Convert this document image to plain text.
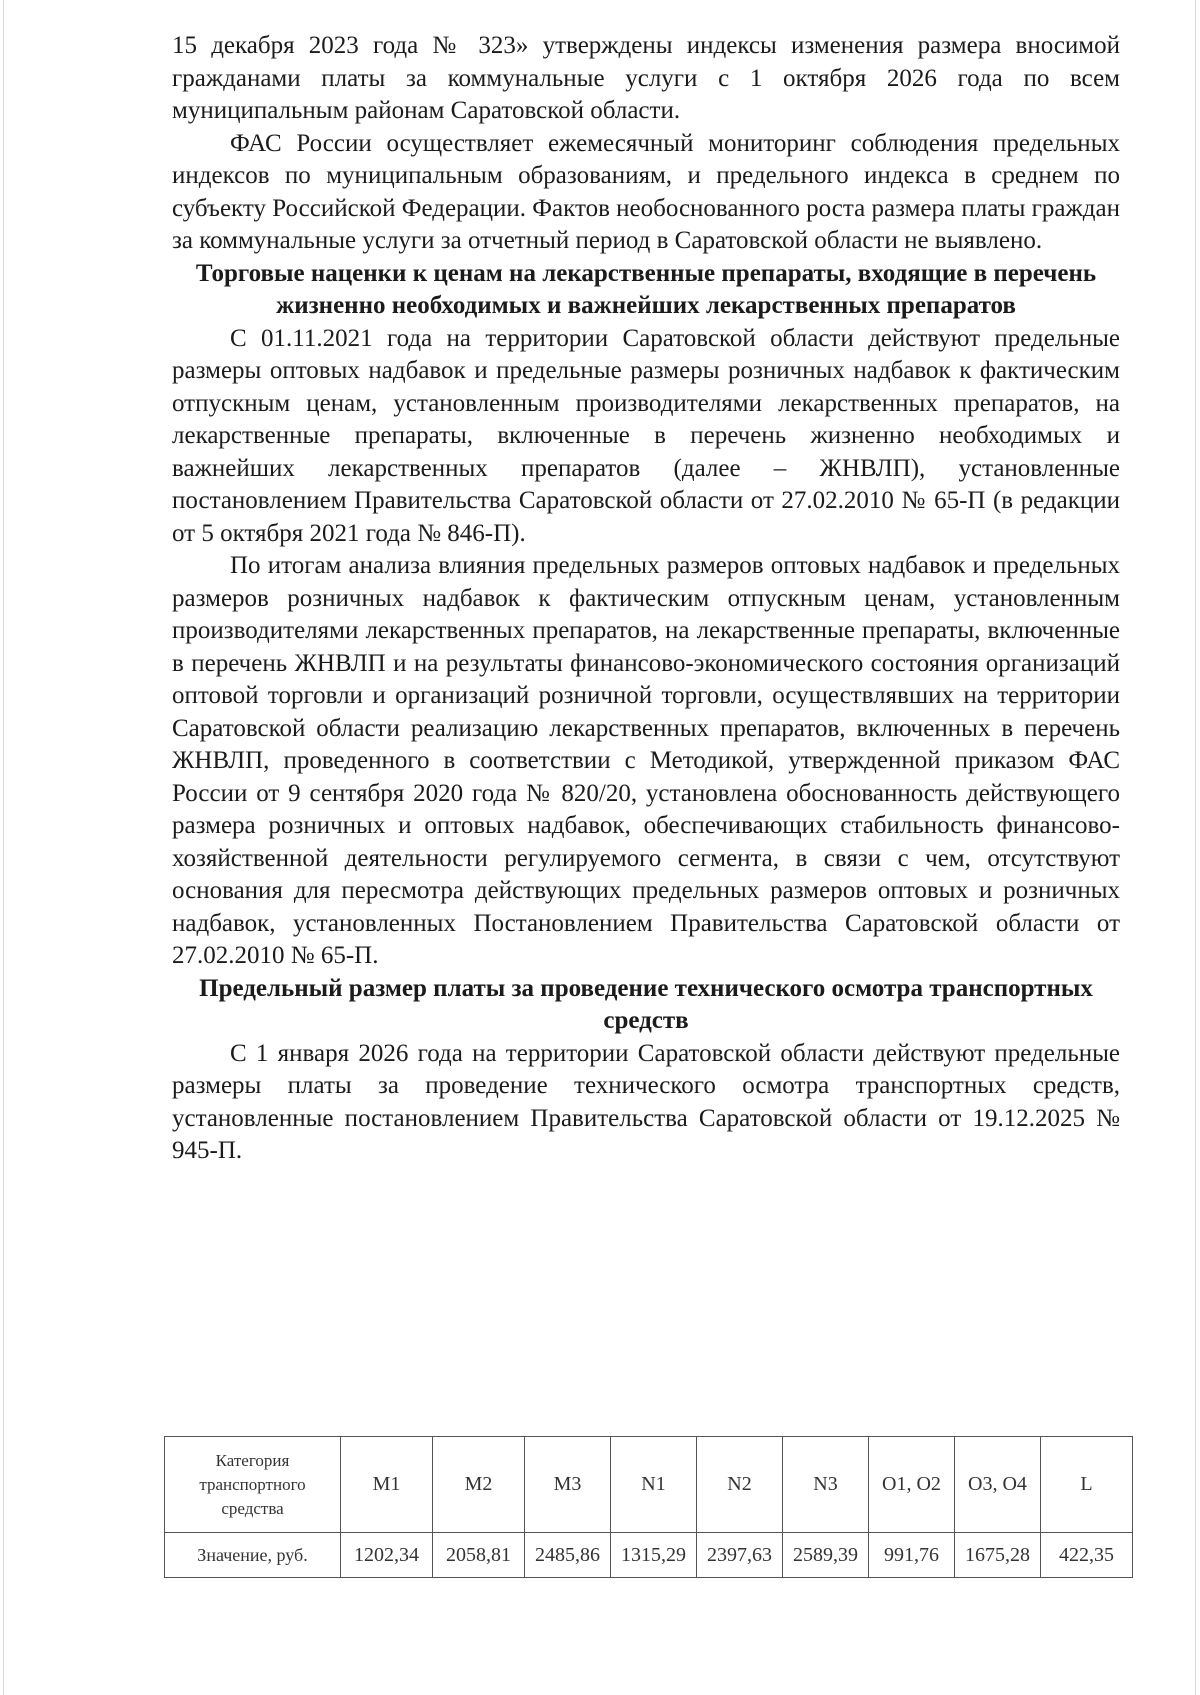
15 декабря 2023 года № 323» утверждены индексы изменения размера вносимой гражданами платы за коммунальные услуги с 1 октября 2026 года по всем муниципальным районам Саратовской области.

ФАС России осуществляет ежемесячный мониторинг соблюдения предельных индексов по муниципальным образованиям, и предельного индекса в среднем по субъекту Российской Федерации. Фактов необоснованного роста размера платы граждан за коммунальные услуги за отчетный период в Саратовской области не выявлено.

Торговые наценки к ценам на лекарственные препараты, входящие в перечень жизненно необходимых и важнейших лекарственных препаратов

С 01.11.2021 года на территории Саратовской области действуют предельные размеры оптовых надбавок и предельные размеры розничных надбавок к фактическим отпускным ценам, установленным производителями лекарственных препаратов, на лекарственные препараты, включенные в перечень жизненно необходимых и важнейших лекарственных препаратов (далее – ЖНВЛП), установленные постановлением Правительства Саратовской области от 27.02.2010 № 65-П (в редакции от 5 октября 2021 года № 846-П).

По итогам анализа влияния предельных размеров оптовых надбавок и предельных размеров розничных надбавок к фактическим отпускным ценам, установленным производителями лекарственных препаратов, на лекарственные препараты, включенные в перечень ЖНВЛП и на результаты финансово-экономического состояния организаций оптовой торговли и организаций розничной торговли, осуществлявших на территории Саратовской области реализацию лекарственных препаратов, включенных в перечень ЖНВЛП, проведенного в соответствии с Методикой, утвержденной приказом ФАС России от 9 сентября 2020 года № 820/20, установлена обоснованность действующего размера розничных и оптовых надбавок, обеспечивающих стабильность финансово-хозяйственной деятельности регулируемого сегмента, в связи с чем, отсутствуют основания для пересмотра действующих предельных размеров оптовых и розничных надбавок, установленных Постановлением Правительства Саратовской области от 27.02.2010 № 65-П.

Предельный размер платы за проведение технического осмотра транспортных средств

С 1 января 2026 года на территории Саратовской области действуют предельные размеры платы за проведение технического осмотра транспортных средств, установленные постановлением Правительства Саратовской области от 19.12.2025 № 945-П.

Категория транспортного средства	M1	M2	M3	N1	N2	N3	O1, O2	O3, O4	L
Значение, руб.	1202,34	2058,81	2485,86	1315,29	2397,63	2589,39	991,76	1675,28	422,35
